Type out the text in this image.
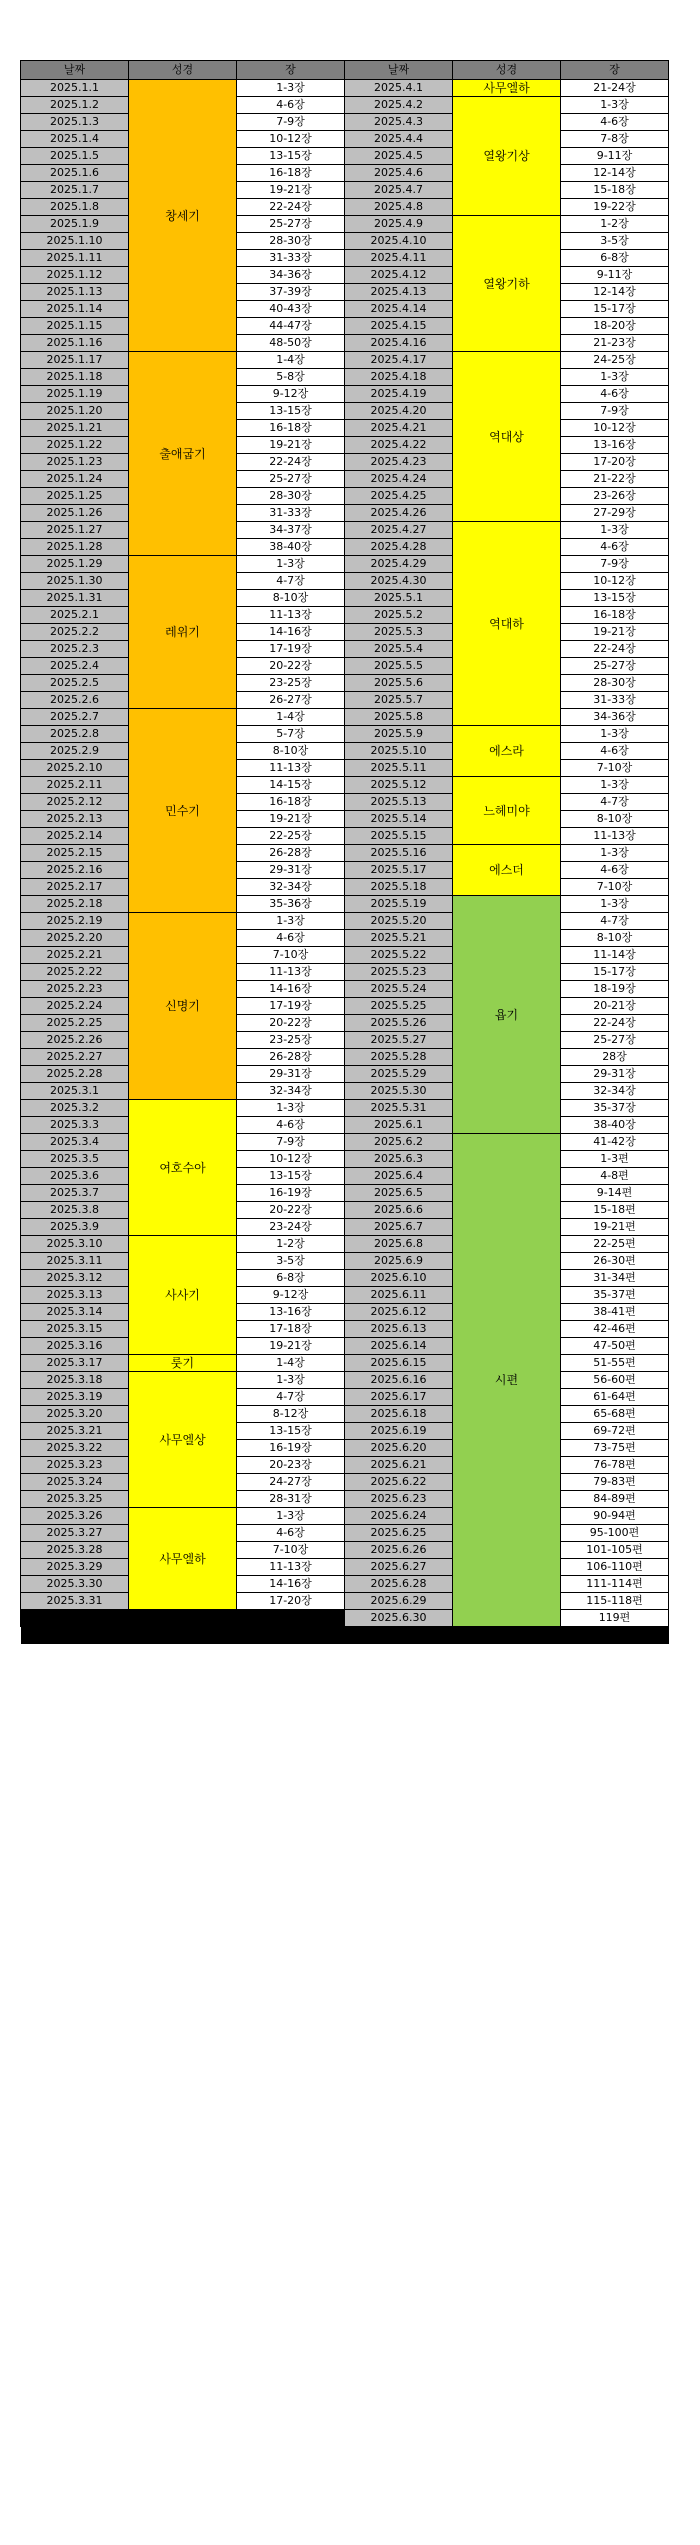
날짜	성경	장	날짜	성경	장
2025.1.1	창세기	1-3장	2025.4.1	사무엘하	21-24장
2025.1.2		4-6장	2025.4.2	열왕기상	1-3장
2025.1.3		7-9장	2025.4.3		4-6장
2025.1.4		10-12장	2025.4.4		7-8장
2025.1.5		13-15장	2025.4.5		9-11장
2025.1.6		16-18장	2025.4.6		12-14장
2025.1.7		19-21장	2025.4.7		15-18장
2025.1.8		22-24장	2025.4.8		19-22장
2025.1.9		25-27장	2025.4.9	열왕기하	1-2장
2025.1.10		28-30장	2025.4.10		3-5장
2025.1.11		31-33장	2025.4.11		6-8장
2025.1.12		34-36장	2025.4.12		9-11장
2025.1.13		37-39장	2025.4.13		12-14장
2025.1.14		40-43장	2025.4.14		15-17장
2025.1.15		44-47장	2025.4.15		18-20장
2025.1.16		48-50장	2025.4.16		21-23장
2025.1.17	출애굽기	1-4장	2025.4.17	역대상	24-25장
2025.1.18		5-8장	2025.4.18		1-3장
2025.1.19		9-12장	2025.4.19		4-6장
2025.1.20		13-15장	2025.4.20		7-9장
2025.1.21		16-18장	2025.4.21		10-12장
2025.1.22		19-21장	2025.4.22		13-16장
2025.1.23		22-24장	2025.4.23		17-20장
2025.1.24		25-27장	2025.4.24		21-22장
2025.1.25		28-30장	2025.4.25		23-26장
2025.1.26		31-33장	2025.4.26		27-29장
2025.1.27		34-37장	2025.4.27	역대하	1-3장
2025.1.28		38-40장	2025.4.28		4-6장
2025.1.29	레위기	1-3장	2025.4.29		7-9장
2025.1.30		4-7장	2025.4.30		10-12장
2025.1.31		8-10장	2025.5.1		13-15장
2025.2.1		11-13장	2025.5.2		16-18장
2025.2.2		14-16장	2025.5.3		19-21장
2025.2.3		17-19장	2025.5.4		22-24장
2025.2.4		20-22장	2025.5.5		25-27장
2025.2.5		23-25장	2025.5.6		28-30장
2025.2.6		26-27장	2025.5.7		31-33장
2025.2.7	민수기	1-4장	2025.5.8		34-36장
2025.2.8		5-7장	2025.5.9	에스라	1-3장
2025.2.9		8-10장	2025.5.10		4-6장
2025.2.10		11-13장	2025.5.11		7-10장
2025.2.11		14-15장	2025.5.12	느헤미야	1-3장
2025.2.12		16-18장	2025.5.13		4-7장
2025.2.13		19-21장	2025.5.14		8-10장
2025.2.14		22-25장	2025.5.15		11-13장
2025.2.15		26-28장	2025.5.16	에스더	1-3장
2025.2.16		29-31장	2025.5.17		4-6장
2025.2.17		32-34장	2025.5.18		7-10장
2025.2.18		35-36장	2025.5.19	욥기	1-3장
2025.2.19	신명기	1-3장	2025.5.20		4-7장
2025.2.20		4-6장	2025.5.21		8-10장
2025.2.21		7-10장	2025.5.22		11-14장
2025.2.22		11-13장	2025.5.23		15-17장
2025.2.23		14-16장	2025.5.24		18-19장
2025.2.24		17-19장	2025.5.25		20-21장
2025.2.25		20-22장	2025.5.26		22-24장
2025.2.26		23-25장	2025.5.27		25-27장
2025.2.27		26-28장	2025.5.28		28장
2025.2.28		29-31장	2025.5.29		29-31장
2025.3.1		32-34장	2025.5.30		32-34장
2025.3.2	여호수아	1-3장	2025.5.31		35-37장
2025.3.3		4-6장	2025.6.1		38-40장
2025.3.4		7-9장	2025.6.2	시편	41-42장
2025.3.5		10-12장	2025.6.3		1-3편
2025.3.6		13-15장	2025.6.4		4-8편
2025.3.7		16-19장	2025.6.5		9-14편
2025.3.8		20-22장	2025.6.6		15-18편
2025.3.9		23-24장	2025.6.7		19-21편
2025.3.10	사사기	1-2장	2025.6.8		22-25편
2025.3.11		3-5장	2025.6.9		26-30편
2025.3.12		6-8장	2025.6.10		31-34편
2025.3.13		9-12장	2025.6.11		35-37편
2025.3.14		13-16장	2025.6.12		38-41편
2025.3.15		17-18장	2025.6.13		42-46편
2025.3.16		19-21장	2025.6.14		47-50편
2025.3.17	룻기	1-4장	2025.6.15		51-55편
2025.3.18	사무엘상	1-3장	2025.6.16		56-60편
2025.3.19		4-7장	2025.6.17		61-64편
2025.3.20		8-12장	2025.6.18		65-68편
2025.3.21		13-15장	2025.6.19		69-72편
2025.3.22		16-19장	2025.6.20		73-75편
2025.3.23		20-23장	2025.6.21		76-78편
2025.3.24		24-27장	2025.6.22		79-83편
2025.3.25		28-31장	2025.6.23		84-89편
2025.3.26	사무엘하	1-3장	2025.6.24		90-94편
2025.3.27		4-6장	2025.6.25		95-100편
2025.3.28		7-10장	2025.6.26		101-105편
2025.3.29		11-13장	2025.6.27		106-110편
2025.3.30		14-16장	2025.6.28		111-114편
2025.3.31		17-20장	2025.6.29		115-118편
			2025.6.30		119편
